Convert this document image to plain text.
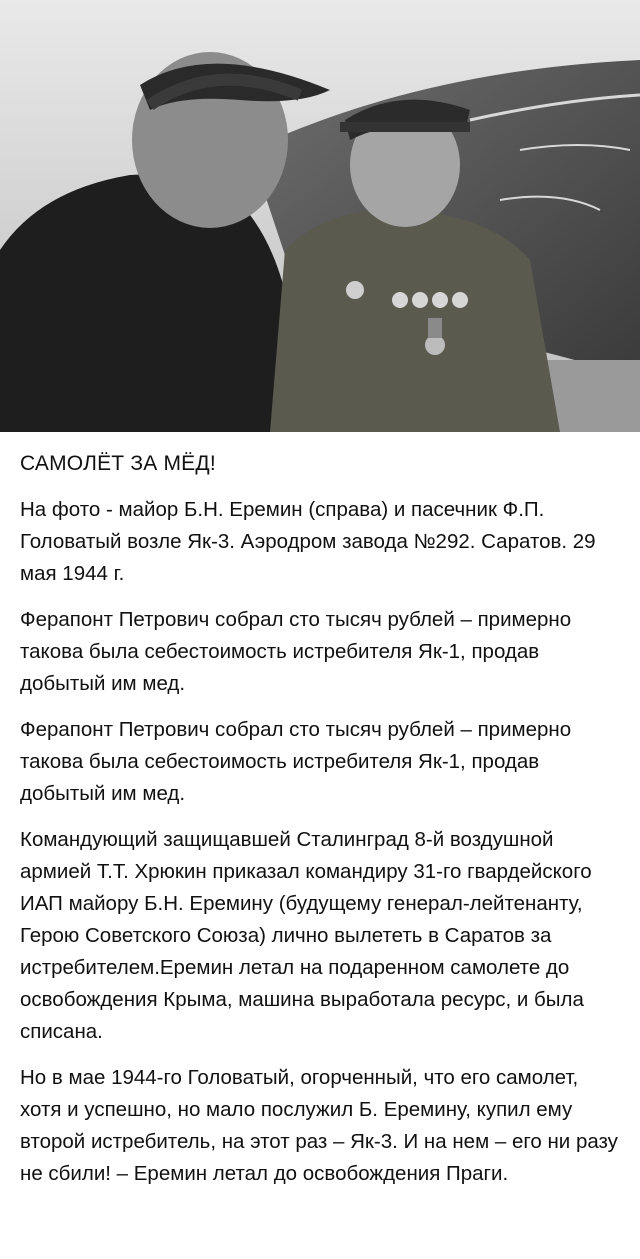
САМОЛЁТ ЗА МЁД!

На фото - майор Б.Н. Еремин (справа) и пасечник Ф.П. Головатый возле Як-3. Аэродром завода №292. Саратов. 29 мая 1944 г.

Ферапонт Петрович собрал сто тысяч рублей – примерно такова была себестоимость истребителя Як-1, продав добытый им мед.

Ферапонт Петрович собрал сто тысяч рублей – примерно такова была себестоимость истребителя Як-1, продав добытый им мед.

Командующий защищавшей Сталинград 8-й воздушной армией Т.Т. Хрюкин приказал командиру 31-го гвардейского ИАП майору Б.Н. Еремину (будущему генерал-лейтенанту, Герою Советского Союза) лично вылететь в Саратов за истребителем.Еремин летал на подаренном самолете до освобождения Крыма, машина выработала ресурс, и была списана.

Но в мае 1944-го Головатый, огорченный, что его самолет, хотя и успешно, но мало послужил Б. Еремину, купил ему второй истребитель, на этот раз – Як-3. И на нем – его ни разу не сбили! – Еремин летал до освобождения Праги.
